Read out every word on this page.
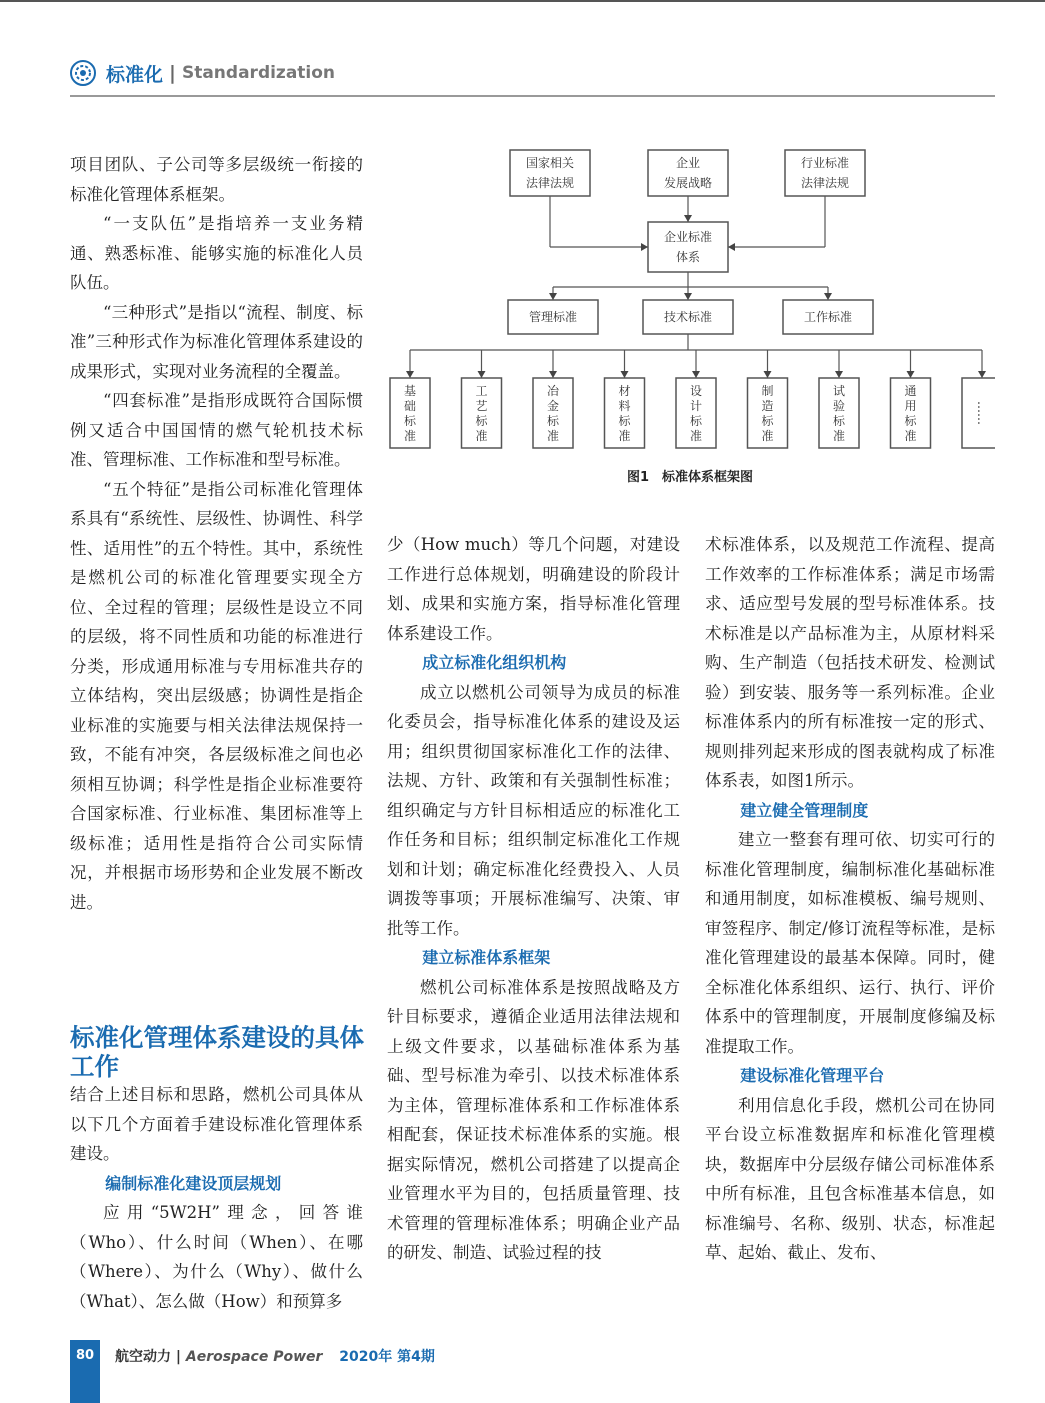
标准化 | Standardization

项目团队、子公司等多层级统一衔接的标准化管理体系框架。

“一支队伍”是指培养一支业务精通、熟悉标准、能够实施的标准化人员队伍。

“三种形式”是指以“流程、制度、标准”三种形式作为标准化管理体系建设的成果形式，实现对业务流程的全覆盖。

“四套标准”是指形成既符合国际惯例又适合中国国情的燃气轮机技术标准、管理标准、工作标准和型号标准。

“五个特征”是指公司标准化管理体系具有“系统性、层级性、协调性、科学性、适用性”的五个特性。其中，系统性是燃机公司的标准化管理要实现全方位、全过程的管理；层级性是设立不同的层级，将不同性质和功能的标准进行分类，形成通用标准与专用标准共存的立体结构，突出层级感；协调性是指企业标准的实施要与相关法律法规保持一致，不能有冲突，各层级标准之间也必须相互协调；科学性是指企业标准要符合国家标准、行业标准、集团标准等上级标准；适用性是指符合公司实际情况，并根据市场形势和企业发展不断改进。

标准化管理体系建设的具体工作

结合上述目标和思路，燃机公司具体从以下几个方面着手建设标准化管理体系建设。

编制标准化建设顶层规划

应用“5W2H”理念，回答谁（Who）、什么时间（When）、在哪（Where）、为什么（Why）、做什么（What）、怎么做（How）和预算多

国家相关法律法规
企业发展战略
行业标准法律法规
企业标准体系
管理标准	技术标准	工作标准
基础标准
工艺标准
冶金标准
材料标准
设计标准
制造标准
试验标准
通用标准
……
图1　标准体系框架图

少（How much）等几个问题，对建设工作进行总体规划，明确建设的阶段计划、成果和实施方案，指导标准化管理体系建设工作。

成立标准化组织机构

成立以燃机公司领导为成员的标准化委员会，指导标准化体系的建设及运用；组织贯彻国家标准化工作的法律、法规、方针、政策和有关强制性标准；组织确定与方针目标相适应的标准化工作任务和目标；组织制定标准化工作规划和计划；确定标准化经费投入、人员调拨等事项；开展标准编写、决策、审批等工作。

建立标准体系框架

燃机公司标准体系是按照战略及方针目标要求，遵循企业适用法律法规和上级文件要求，以基础标准体系为基础、型号标准为牵引、以技术标准体系为主体，管理标准体系和工作标准体系相配套，保证技术标准体系的实施。根据实际情况，燃机公司搭建了以提高企业管理水平为目的，包括质量管理、技术管理的管理标准体系；明确企业产品的研发、制造、试验过程的技

术标准体系，以及规范工作流程、提高工作效率的工作标准体系；满足市场需求、适应型号发展的型号标准体系。技术标准是以产品标准为主，从原材料采购、生产制造（包括技术研发、检测试验）到安装、服务等一系列标准。企业标准体系内的所有标准按一定的形式、规则排列起来形成的图表就构成了标准体系表，如图1所示。

建立健全管理制度

建立一整套有理可依、切实可行的标准化管理制度，编制标准化基础标准和通用制度，如标准模板、编号规则、审签程序、制定/修订流程等标准，是标准化管理建设的最基本保障。同时，健全标准化体系组织、运行、执行、评价体系中的管理制度，开展制度修编及标准提取工作。

建设标准化管理平台

利用信息化手段，燃机公司在协同平台设立标准数据库和标准化管理模块，数据库中分层级存储公司标准体系中所有标准，且包含标准基本信息，如标准编号、名称、级别、状态，标准起草、起始、截止、发布、

80	航空动力 | Aerospace Power 2020年 第4期
